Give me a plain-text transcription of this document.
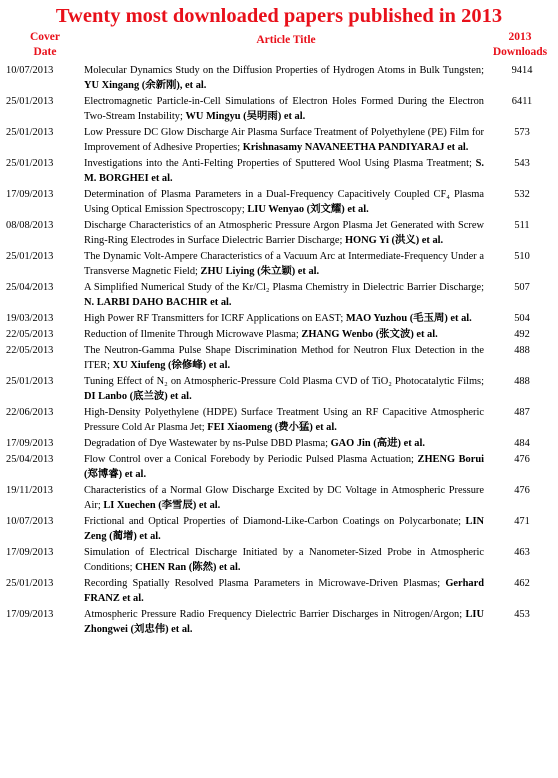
Twenty most downloaded papers published in 2013
Cover
Date
Article Title	2013
Downloads
10/07/2013	Molecular Dynamics Study on the Diffusion Properties of Hydrogen Atoms in Bulk Tungsten; YU Xingang (余新刚), et al.	9414
25/01/2013	Electromagnetic Particle-in-Cell Simulations of Electron Holes Formed During the Electron Two-Stream Instability; WU Mingyu (吴明雨) et al.	6411
25/01/2013	Low Pressure DC Glow Discharge Air Plasma Surface Treatment of Polyethylene (PE) Film for Improvement of Adhesive Properties; Krishnasamy NAVANEETHA PANDIYARAJ et al.	573
25/01/2013	Investigations into the Anti-Felting Properties of Sputtered Wool Using Plasma Treatment; S. M. BORGHEI et al.	543
17/09/2013	Determination of Plasma Parameters in a Dual-Frequency Capacitively Coupled CF₄ Plasma Using Optical Emission Spectroscopy; LIU Wenyao (刘文耀) et al.	532
08/08/2013	Discharge Characteristics of an Atmospheric Pressure Argon Plasma Jet Generated with Screw Ring-Ring Electrodes in Surface Dielectric Barrier Discharge; HONG Yi (洪义) et al.	511
25/01/2013	The Dynamic Volt-Ampere Characteristics of a Vacuum Arc at Intermediate-Frequency Under a Transverse Magnetic Field; ZHU Liying (朱立颖) et al.	510
25/04/2013	A Simplified Numerical Study of the Kr/Cl₂ Plasma Chemistry in Dielectric Barrier Discharge; N. LARBI DAHO BACHIR et al.	507
19/03/2013	High Power RF Transmitters for ICRF Applications on EAST; MAO Yuzhou (毛玉周) et al.	504
22/05/2013	Reduction of Ilmenite Through Microwave Plasma; ZHANG Wenbo (张文波) et al.	492
22/05/2013	The Neutron-Gamma Pulse Shape Discrimination Method for Neutron Flux Detection in the ITER; XU Xiufeng (徐修峰) et al.	488
25/01/2013	Tuning Effect of N₂ on Atmospheric-Pressure Cold Plasma CVD of TiO₂ Photocatalytic Films; DI Lanbo (底兰波) et al.	488
22/06/2013	High-Density Polyethylene (HDPE) Surface Treatment Using an RF Capacitive Atmospheric Pressure Cold Ar Plasma Jet; FEI Xiaomeng (费小猛) et al.	487
17/09/2013	Degradation of Dye Wastewater by ns-Pulse DBD Plasma; GAO Jin (高进) et al.	484
25/04/2013	Flow Control over a Conical Forebody by Periodic Pulsed Plasma Actuation; ZHENG Borui (郑博睿) et al.	476
19/11/2013	Characteristics of a Normal Glow Discharge Excited by DC Voltage in Atmospheric Pressure Air; LI Xuechen (李雪辰) et al.	476
10/07/2013	Frictional and Optical Properties of Diamond-Like-Carbon Coatings on Polycarbonate; LIN Zeng (蔺增) et al.	471
17/09/2013	Simulation of Electrical Discharge Initiated by a Nanometer-Sized Probe in Atmospheric Conditions; CHEN Ran (陈然) et al.	463
25/01/2013	Recording Spatially Resolved Plasma Parameters in Microwave-Driven Plasmas; Gerhard FRANZ et al.	462
17/09/2013	Atmospheric Pressure Radio Frequency Dielectric Barrier Discharges in Nitrogen/Argon; LIU Zhongwei (刘忠伟) et al.	453
